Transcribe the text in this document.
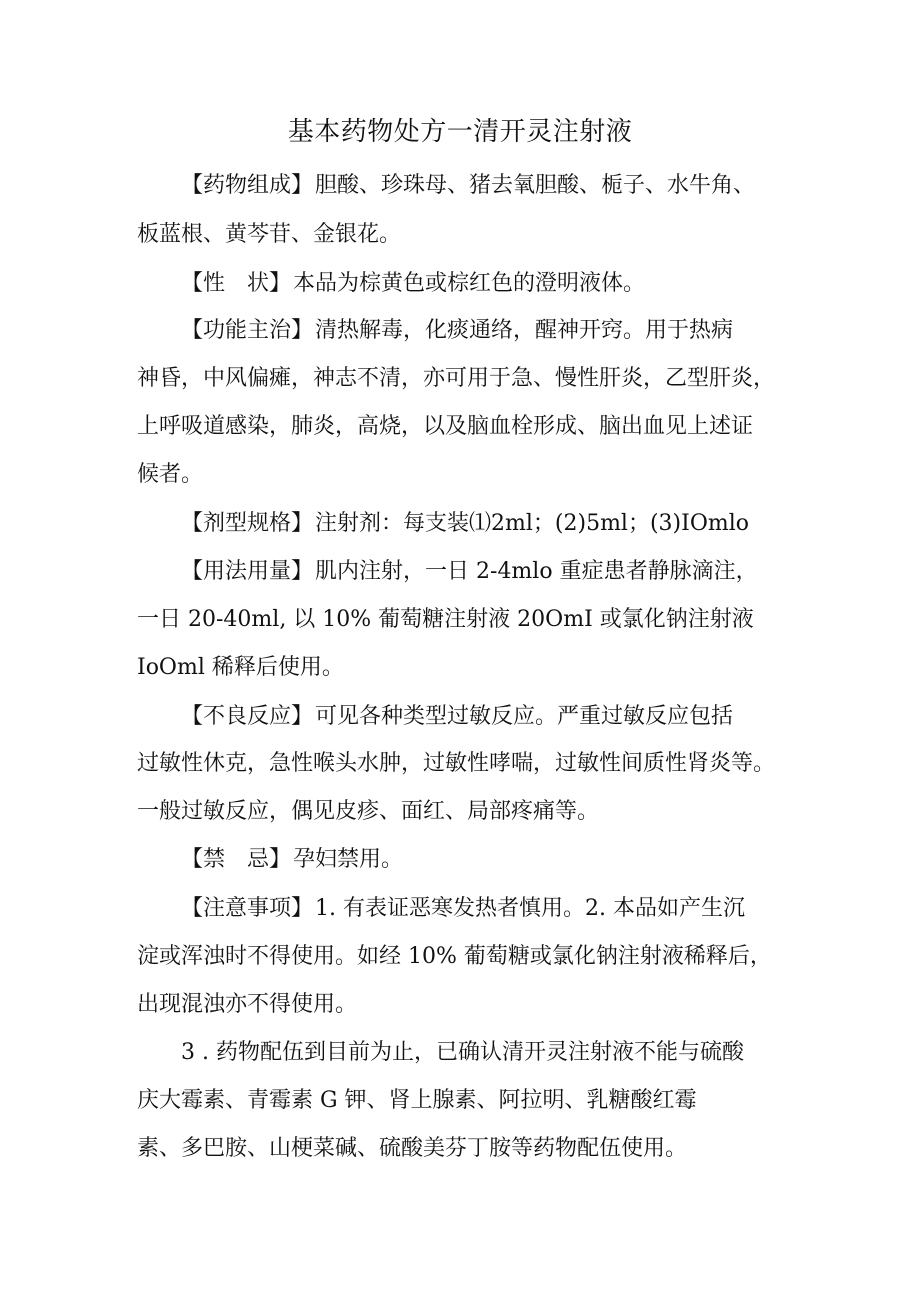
基本药物处方一清开灵注射液
【药物组成】胆酸、珍珠母、猪去氧胆酸、栀子、水牛角、
板蓝根、黄芩苷、金银花。
【性　状】本品为棕黄色或棕红色的澄明液体。
【功能主治】清热解毒，化痰通络，醒神开窍。用于热病
神昏，中风偏瘫，神志不清，亦可用于急、慢性肝炎，乙型肝炎，
上呼吸道感染，肺炎，高烧，以及脑血栓形成、脑出血见上述证
候者。
【剂型规格】注射剂：每支装⑴2ml；(2)5ml；(3)IOmlo
【用法用量】肌内注射，一日 2-4mlo 重症患者静脉滴注，
一日 20-40ml, 以 10% 葡萄糖注射液 20OmI 或氯化钠注射液
IoOml 稀释后使用。
【不良反应】可见各种类型过敏反应。严重过敏反应包括
过敏性休克，急性喉头水肿，过敏性哮喘，过敏性间质性肾炎等。
一般过敏反应，偶见皮疹、面红、局部疼痛等。
【禁　忌】孕妇禁用。
【注意事项】1. 有表证恶寒发热者慎用。2. 本品如产生沉
淀或浑浊时不得使用。如经 10% 葡萄糖或氯化钠注射液稀释后，
出现混浊亦不得使用。
3 . 药物配伍到目前为止，已确认清开灵注射液不能与硫酸
庆大霉素、青霉素 G 钾、肾上腺素、阿拉明、乳糖酸红霉
素、多巴胺、山梗菜碱、硫酸美芬丁胺等药物配伍使用。
